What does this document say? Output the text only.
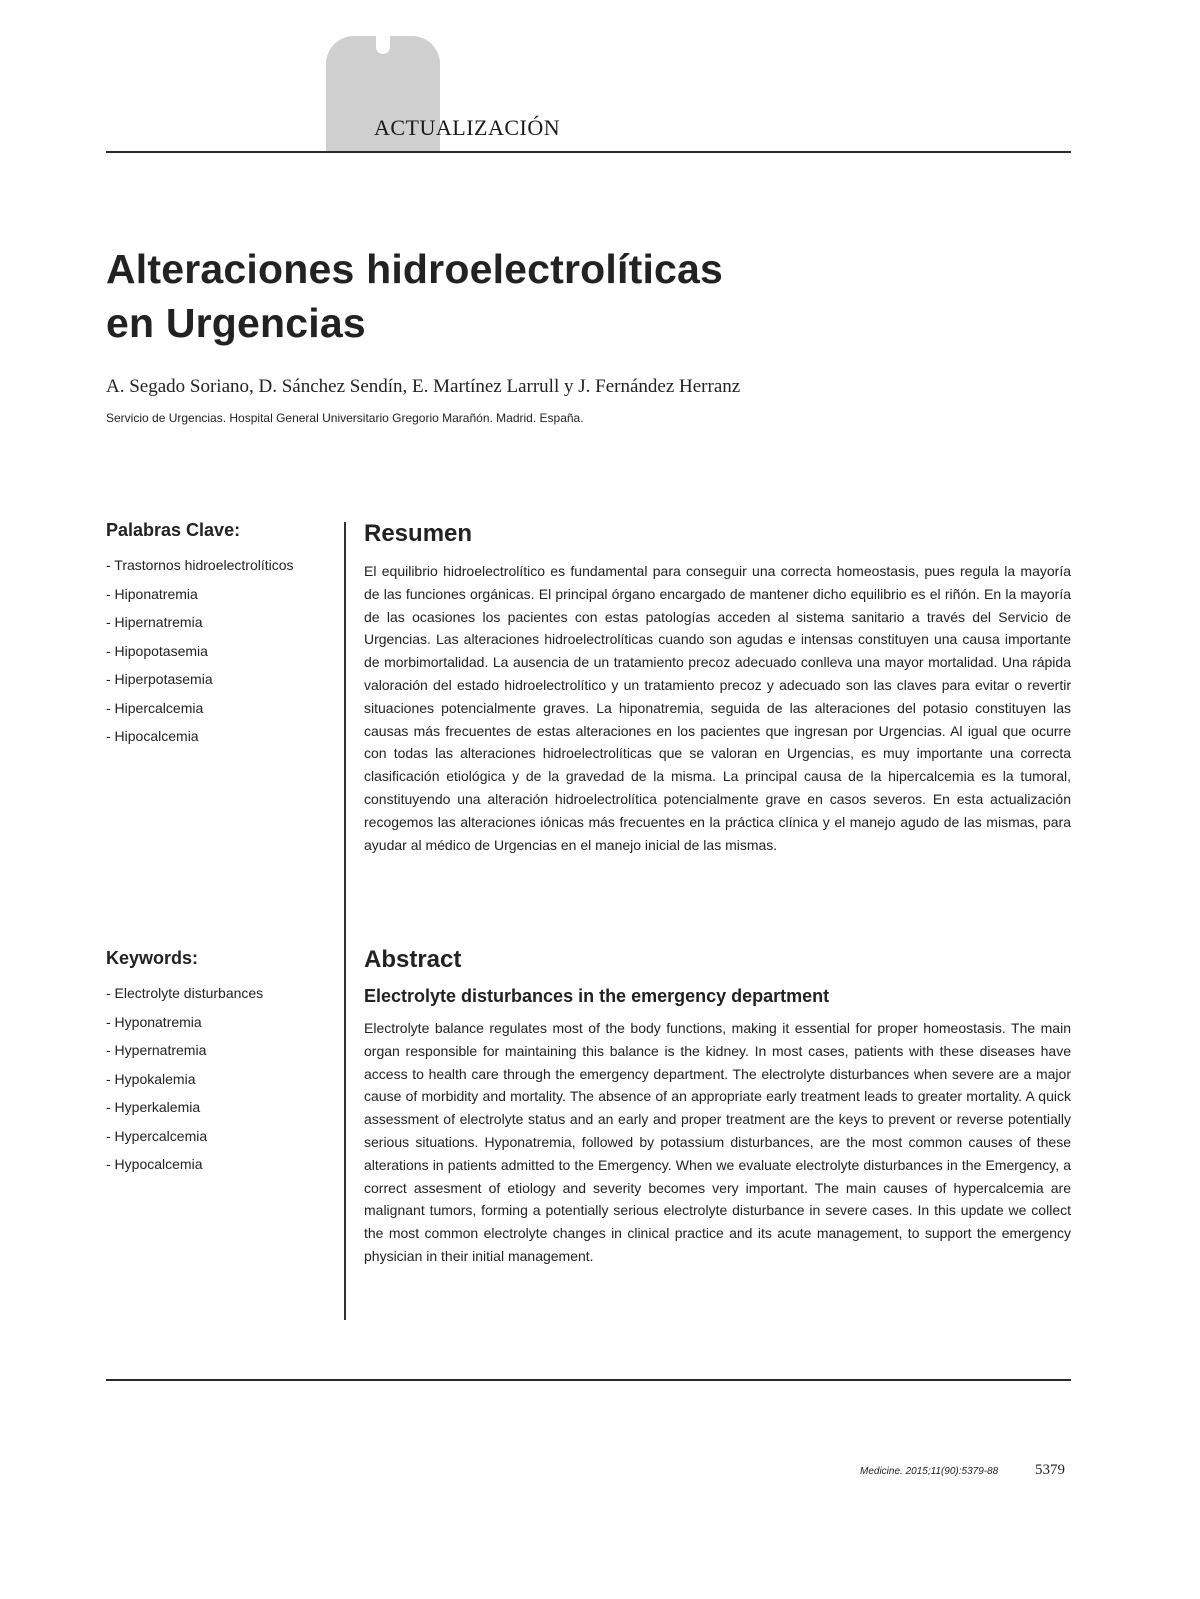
ACTUALIZACIÓN
Alteraciones hidroelectrolíticas
en Urgencias
A. Segado Soriano, D. Sánchez Sendín, E. Martínez Larrull y J. Fernández Herranz
Servicio de Urgencias. Hospital General Universitario Gregorio Marañón. Madrid. España.
Palabras Clave:
- Trastornos hidroelectrolíticos
- Hiponatremia
- Hipernatremia
- Hipopotasemia
- Hiperpotasemia
- Hipercalcemia
- Hipocalcemia
Resumen

El equilibrio hidroelectrolítico es fundamental para conseguir una correcta homeostasis, pues regula la mayoría de las funciones orgánicas. El principal órgano encargado de mantener dicho equilibrio es el riñón. En la mayoría de las ocasiones los pacientes con estas patologías acceden al sistema sanitario a través del Servicio de Urgencias. Las alteraciones hidroelectrolíticas cuando son agudas e intensas constituyen una causa importante de morbimortalidad. La ausencia de un tratamiento precoz adecuado conlleva una mayor mortalidad. Una rápida valoración del estado hidroelectrolítico y un tratamiento precoz y adecuado son las claves para evitar o revertir situaciones potencialmente graves. La hiponatremia, seguida de las alteraciones del potasio constituyen las causas más frecuentes de estas alteraciones en los pacientes que ingresan por Urgencias. Al igual que ocurre con todas las alteraciones hidroelectrolíticas que se valoran en Urgencias, es muy importante una correcta clasificación etiológica y de la gravedad de la misma. La principal causa de la hipercalcemia es la tumoral, constituyendo una alteración hidroelectrolítica potencialmente grave en casos severos. En esta actualización recogemos las alteraciones iónicas más frecuentes en la práctica clínica y el manejo agudo de las mismas, para ayudar al médico de Urgencias en el manejo inicial de las mismas.

Keywords:
- Electrolyte disturbances
- Hyponatremia
- Hypernatremia
- Hypokalemia
- Hyperkalemia
- Hypercalcemia
- Hypocalcemia
Abstract
Electrolyte disturbances in the emergency department

Electrolyte balance regulates most of the body functions, making it essential for proper homeostasis. The main organ responsible for maintaining this balance is the kidney. In most cases, patients with these diseases have access to health care through the emergency department. The electrolyte disturbances when severe are a major cause of morbidity and mortality. The absence of an appropriate early treatment leads to greater mortality. A quick assessment of electrolyte status and an early and proper treatment are the keys to prevent or reverse potentially serious situations. Hyponatremia, followed by potassium disturbances, are the most common causes of these alterations in patients admitted to the Emergency. When we evaluate electrolyte disturbances in the Emergency, a correct assesment of etiology and severity becomes very important. The main causes of hypercalcemia are malignant tumors, forming a potentially serious electrolyte disturbance in severe cases. In this update we collect the most common electrolyte changes in clinical practice and its acute management, to support the emergency physician in their initial management.

Medicine. 2015;11(90):5379-88 5379
